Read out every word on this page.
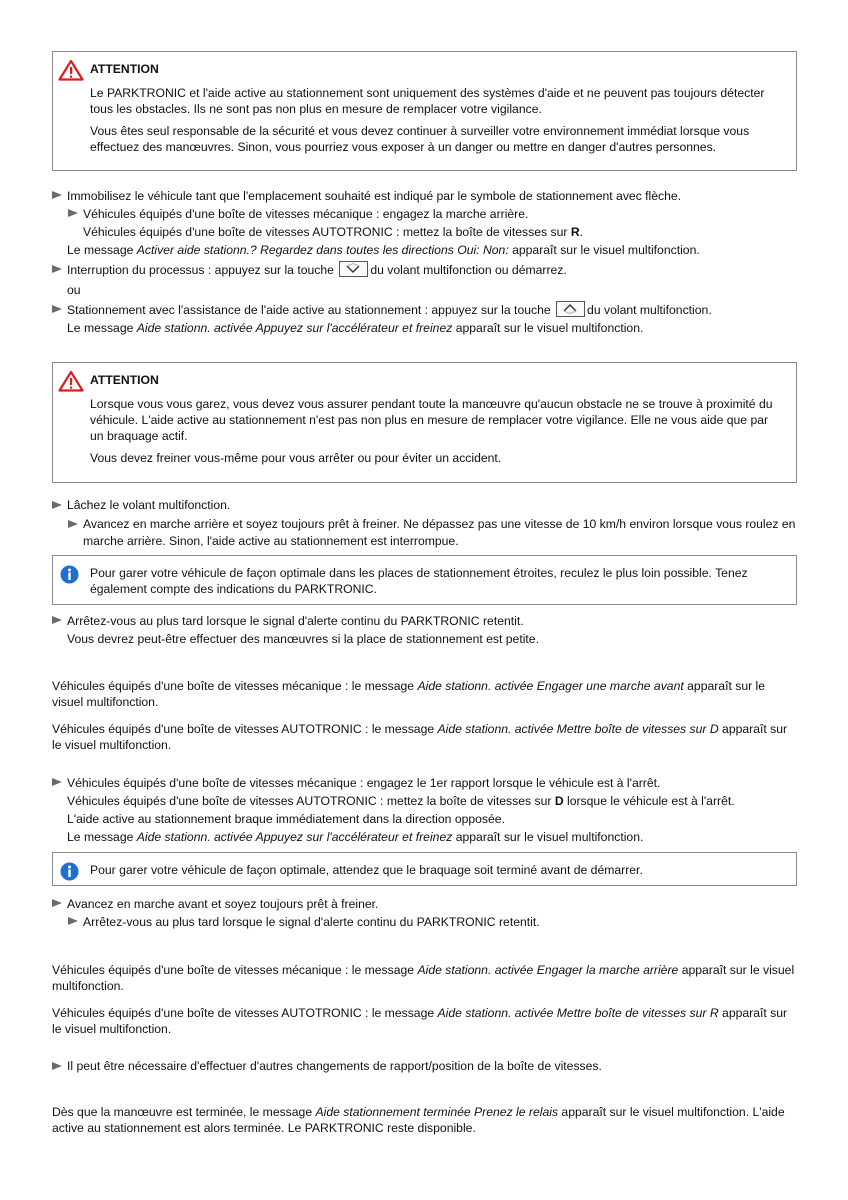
ATTENTION

Le PARKTRONIC et l'aide active au stationnement sont uniquement des systèmes d'aide et ne peuvent pas toujours détecter tous les obstacles. Ils ne sont pas non plus en mesure de remplacer votre vigilance.

Vous êtes seul responsable de la sécurité et vous devez continuer à surveiller votre environnement immédiat lorsque vous effectuez des manœuvres. Sinon, vous pourriez vous exposer à un danger ou mettre en danger d'autres personnes.

Immobilisez le véhicule tant que l'emplacement souhaité est indiqué par le symbole de stationnement avec flèche.

Véhicules équipés d'une boîte de vitesses mécanique : engagez la marche arrière.

Véhicules équipés d'une boîte de vitesses AUTOTRONIC : mettez la boîte de vitesses sur R.

Le message Activer aide stationn.? Regardez dans toutes les directions Oui: Non: apparaît sur le visuel multifonction.

Interruption du processus : appuyez sur la touche	du volant multifonction ou démarrez.

ou

Stationnement avec l'assistance de l'aide active au stationnement : appuyez sur la touche	du volant multifonction.

Le message Aide stationn. activée Appuyez sur l'accélérateur et freinez apparaît sur le visuel multifonction.

ATTENTION

Lorsque vous vous garez, vous devez vous assurer pendant toute la manœuvre qu'aucun obstacle ne se trouve à proximité du véhicule. L'aide active au stationnement n'est pas non plus en mesure de remplacer votre vigilance. Elle ne vous aide que par un braquage actif.

Vous devez freiner vous-même pour vous arrêter ou pour éviter un accident.

Lâchez le volant multifonction.

Avancez en marche arrière et soyez toujours prêt à freiner. Ne dépassez pas une vitesse de 10 km/h environ lorsque vous roulez en marche arrière. Sinon, l'aide active au stationnement est interrompue.

Pour garer votre véhicule de façon optimale dans les places de stationnement étroites, reculez le plus loin possible. Tenez également compte des indications du PARKTRONIC.

Arrêtez-vous au plus tard lorsque le signal d'alerte continu du PARKTRONIC retentit.

Vous devrez peut-être effectuer des manœuvres si la place de stationnement est petite.

Véhicules équipés d'une boîte de vitesses mécanique : le message Aide stationn. activée Engager une marche avant apparaît sur le visuel multifonction.

Véhicules équipés d'une boîte de vitesses AUTOTRONIC : le message Aide stationn. activée Mettre boîte de vitesses sur D apparaît sur le visuel multifonction.

Véhicules équipés d'une boîte de vitesses mécanique : engagez le 1er rapport lorsque le véhicule est à l'arrêt.

Véhicules équipés d'une boîte de vitesses AUTOTRONIC : mettez la boîte de vitesses sur D lorsque le véhicule est à l'arrêt.

L'aide active au stationnement braque immédiatement dans la direction opposée.

Le message Aide stationn. activée Appuyez sur l'accélérateur et freinez apparaît sur le visuel multifonction.

Pour garer votre véhicule de façon optimale, attendez que le braquage soit terminé avant de démarrer.

Avancez en marche avant et soyez toujours prêt à freiner.

Arrêtez-vous au plus tard lorsque le signal d'alerte continu du PARKTRONIC retentit.

Véhicules équipés d'une boîte de vitesses mécanique : le message Aide stationn. activée Engager la marche arrière apparaît sur le visuel multifonction.

Véhicules équipés d'une boîte de vitesses AUTOTRONIC : le message Aide stationn. activée Mettre boîte de vitesses sur R apparaît sur le visuel multifonction.

Il peut être nécessaire d'effectuer d'autres changements de rapport/position de la boîte de vitesses.

Dès que la manœuvre est terminée, le message Aide stationnement terminée Prenez le relais apparaît sur le visuel multifonction. L'aide active au stationnement est alors terminée. Le PARKTRONIC reste disponible.
